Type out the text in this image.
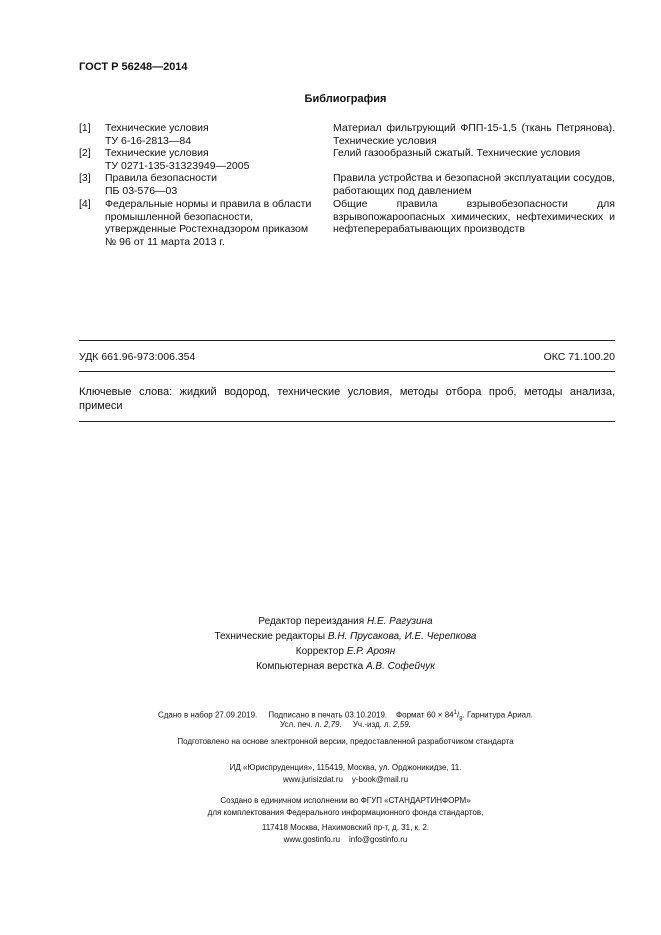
ГОСТ Р 56248—2014
Библиография
[1] Технические условия
ТУ 6-16-2813—84
Материал фильтрующий ФПП-15-1,5 (ткань Петрянова). Технические условия
[2] Технические условия
ТУ 0271-135-31323949—2005
Гелий газообразный сжатый. Технические условия
[3] Правила безопасности
ПБ 03-576—03
Правила устройства и безопасной эксплуатации сосудов, работающих под давлением
[4] Федеральные нормы и правила в области промышленной безопасности, утвержденные Ростехнадзором приказом № 96 от 11 марта 2013 г.
Общие правила взрывобезопасности для взрывопожароопасных химических, нефтехимических и нефтеперерабатывающих производств
УДК 661.96-973:006.354	ОКС 71.100.20
Ключевые слова: жидкий водород, технические условия, методы отбора проб, методы анализа, примеси
Редактор переиздания Н.Е. Рагузина
Технические редакторы В.Н. Прусакова, И.Е. Черепкова
Корректор Е.Р. Ароян
Компьютерная верстка А.В. Софейчук
Сдано в набор 27.09.2019. Подписано в печать 03.10.2019. Формат $60 \times 84^1/_8$. Гарнитура Ариал.
Усл. печ. л. 2,79. Уч.-изд. л. 2,59.
Подготовлено на основе электронной версии, предоставленной разработчиком стандарта
ИД «Юриспруденция», 115419, Москва, ул. Орджоникидзе, 11.
www.jurisizdat.ru y-book@mail.ru
Создано в единичном исполнении во ФГУП «СТАНДАРТИНФОРМ»
для комплектования Федерального информационного фонда стандартов,
117418 Москва, Нахимовский пр-т, д. 31, к. 2.
www.gostinfo.ru info@gostinfo.ru
